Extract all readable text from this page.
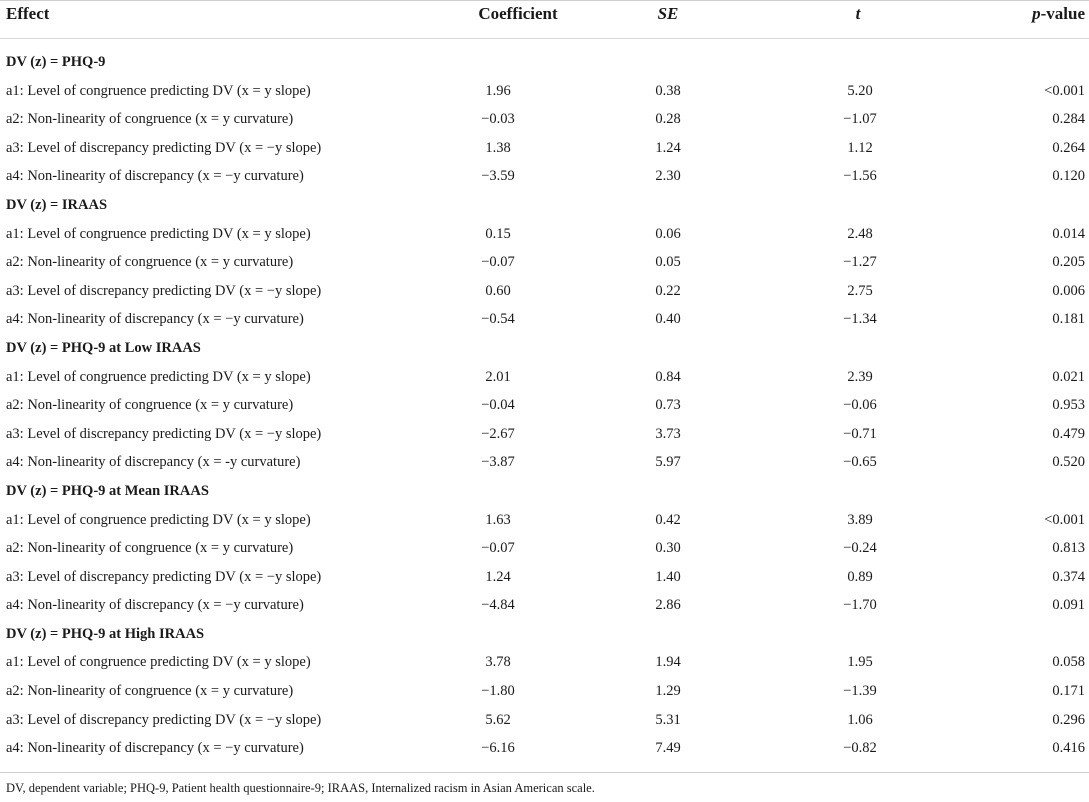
Effect	Coefficient	SE	t	p-value
DV (z) = PHQ-9
a1: Level of congruence predicting DV (x = y slope)	1.96	0.38	5.20	<0.001
a2: Non-linearity of congruence (x = y curvature)	−0.03	0.28	−1.07	0.284
a3: Level of discrepancy predicting DV (x = −y slope)	1.38	1.24	1.12	0.264
a4: Non-linearity of discrepancy (x = −y curvature)	−3.59	2.30	−1.56	0.120
DV (z) = IRAAS
a1: Level of congruence predicting DV (x = y slope)	0.15	0.06	2.48	0.014
a2: Non-linearity of congruence (x = y curvature)	−0.07	0.05	−1.27	0.205
a3: Level of discrepancy predicting DV (x = −y slope)	0.60	0.22	2.75	0.006
a4: Non-linearity of discrepancy (x = −y curvature)	−0.54	0.40	−1.34	0.181
DV (z) = PHQ-9 at Low IRAAS
a1: Level of congruence predicting DV (x = y slope)	2.01	0.84	2.39	0.021
a2: Non-linearity of congruence (x = y curvature)	−0.04	0.73	−0.06	0.953
a3: Level of discrepancy predicting DV (x = −y slope)	−2.67	3.73	−0.71	0.479
a4: Non-linearity of discrepancy (x = -y curvature)	−3.87	5.97	−0.65	0.520
DV (z) = PHQ-9 at Mean IRAAS
a1: Level of congruence predicting DV (x = y slope)	1.63	0.42	3.89	<0.001
a2: Non-linearity of congruence (x = y curvature)	−0.07	0.30	−0.24	0.813
a3: Level of discrepancy predicting DV (x = −y slope)	1.24	1.40	0.89	0.374
a4: Non-linearity of discrepancy (x = −y curvature)	−4.84	2.86	−1.70	0.091
DV (z) = PHQ-9 at High IRAAS
a1: Level of congruence predicting DV (x = y slope)	3.78	1.94	1.95	0.058
a2: Non-linearity of congruence (x = y curvature)	−1.80	1.29	−1.39	0.171
a3: Level of discrepancy predicting DV (x = −y slope)	5.62	5.31	1.06	0.296
a4: Non-linearity of discrepancy (x = −y curvature)	−6.16	7.49	−0.82	0.416
DV, dependent variable; PHQ-9, Patient health questionnaire-9; IRAAS, Internalized racism in Asian American scale.
